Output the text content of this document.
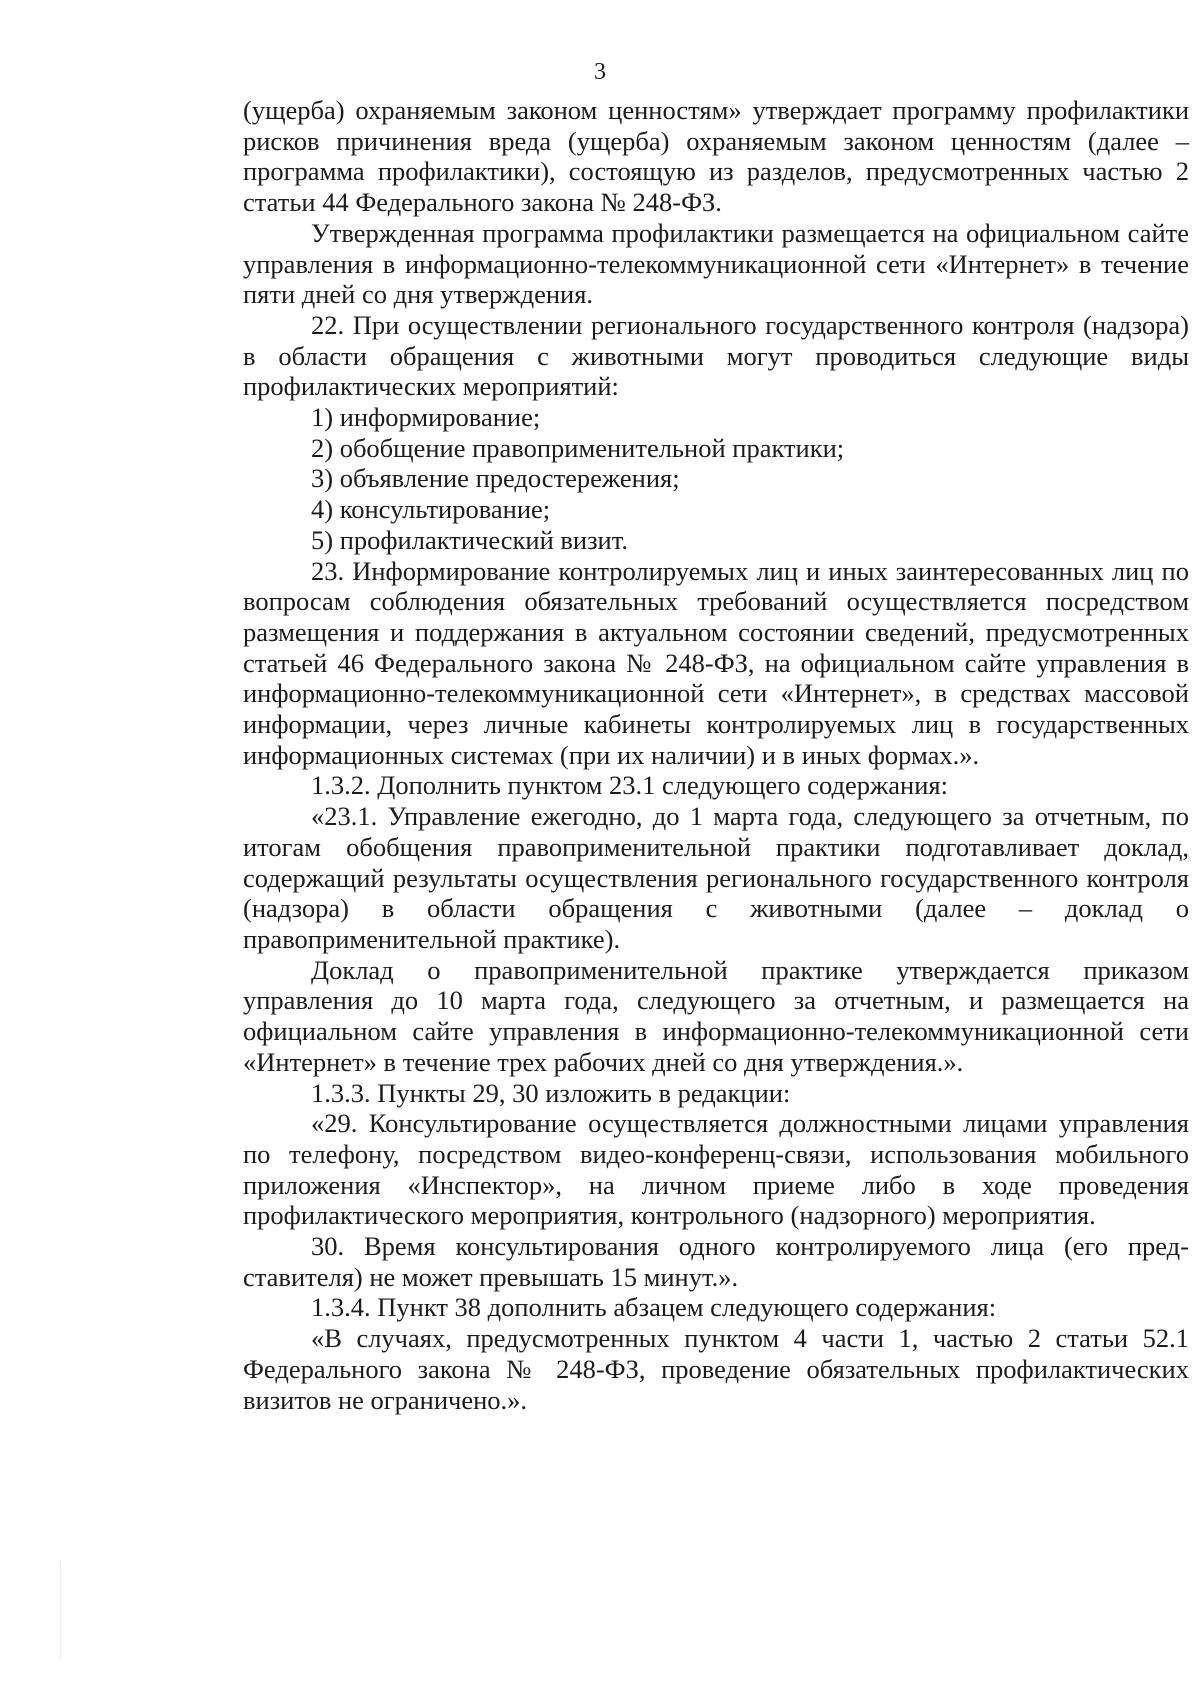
3

(ущерба) охраняемым законом ценностям» утверждает программу профилактики рисков причинения вреда (ущерба) охраняемым законом ценностям (далее – программа профилактики), состоящую из разделов, предусмотренных частью 2 статьи 44 Федерального закона № 248-ФЗ.

Утвержденная программа профилактики размещается на официальном сайте управления в информационно-телекоммуникационной сети «Интернет» в течение пяти дней со дня утверждения.

22. При осуществлении регионального государственного контроля (надзора) в области обращения с животными могут проводиться следующие виды профилактических мероприятий:

1) информирование;

2) обобщение правоприменительной практики;

3) объявление предостережения;

4) консультирование;

5) профилактический визит.

23. Информирование контролируемых лиц и иных заинтересованных лиц по вопросам соблюдения обязательных требований осуществляется посредством размещения и поддержания в актуальном состоянии сведений, предусмотренных статьей 46 Федерального закона № 248-ФЗ, на официальном сайте управления в информационно-телекоммуникационной сети «Интернет», в средствах массовой информации, через личные кабинеты контролируемых лиц в государственных информационных системах (при их наличии) и в иных формах.».

1.3.2. Дополнить пунктом 23.1 следующего содержания:

«23.1. Управление ежегодно, до 1 марта года, следующего за отчетным, по итогам обобщения правоприменительной практики подготавливает доклад, содержащий результаты осуществления регионального государственного контроля (надзора) в области обращения с животными (далее – доклад о правоприменительной практике).

Доклад о правоприменительной практике утверждается приказом управления до 10 марта года, следующего за отчетным, и размещается на официальном сайте управления в информационно-телекоммуникационной сети «Интернет» в течение трех рабочих дней со дня утверждения.».

1.3.3. Пункты 29, 30 изложить в редакции:

«29. Консультирование осуществляется должностными лицами управления по телефону, посредством видео-конференц-связи, использования мобильного приложения «Инспектор», на личном приеме либо в ходе проведения профилактического мероприятия, контрольного (надзорного) мероприятия.

30. Время консультирования одного контролируемого лица (его представителя) не может превышать 15 минут.».

1.3.4. Пункт 38 дополнить абзацем следующего содержания:

«В случаях, предусмотренных пунктом 4 части 1, частью 2 статьи 52.1 Федерального закона № 248-ФЗ, проведение обязательных профилактических визитов не ограничено.».
